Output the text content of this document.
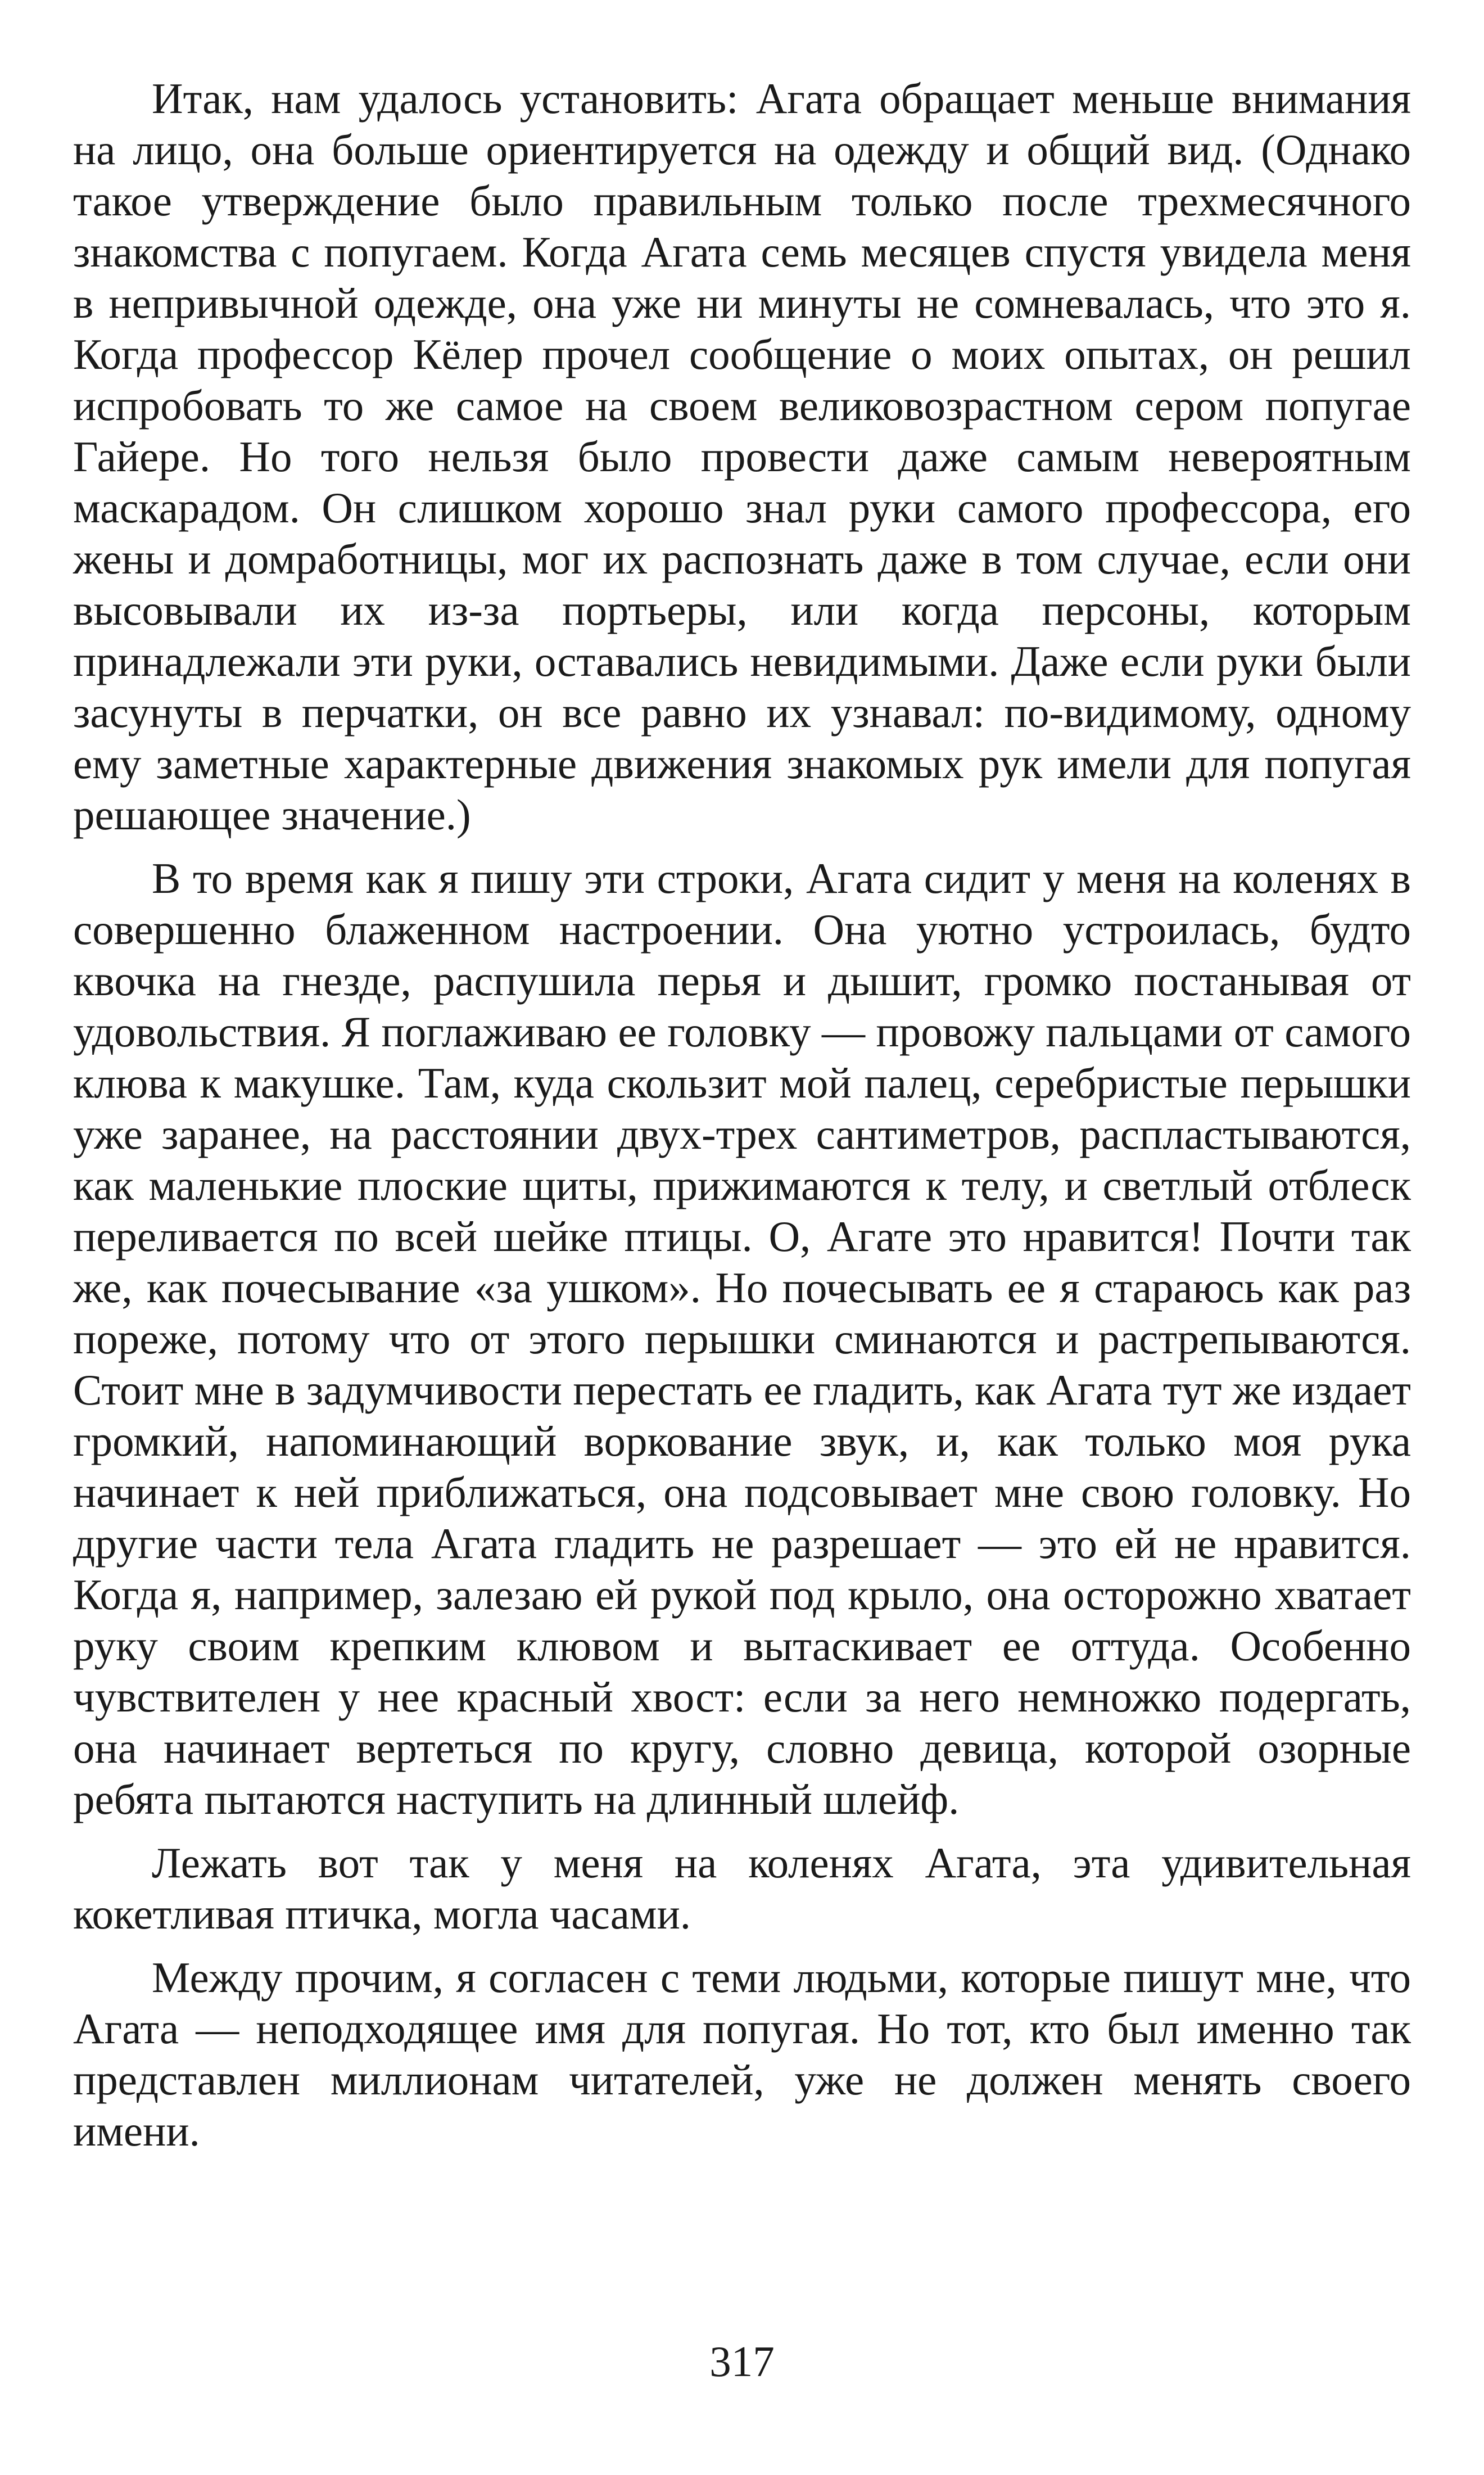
Итак, нам удалось установить: Агата обращает меньше внимания на лицо, она больше ориентируется на одежду и общий вид. (Однако такое утверждение было правильным только после трехмесячного знакомства с попугаем. Когда Агата семь месяцев спустя увидела меня в непривычной одежде, она уже ни минуты не сомневалась, что это я. Когда профессор Кёлер прочел сообщение о моих опытах, он решил испробовать то же самое на своем великовозрастном сером попугае Гайере. Но того нельзя было провести даже самым невероятным маскарадом. Он слишком хорошо знал руки самого профессора, его жены и домработницы, мог их распознать даже в том случае, если они высовывали их из-за портьеры, или когда персоны, которым принадлежали эти руки, оставались невидимыми. Даже если руки были засунуты в перчатки, он все равно их узнавал: по-видимому, одному ему заметные характерные движения знакомых рук имели для попугая решающее значение.)

В то время как я пишу эти строки, Агата сидит у меня на коленях в совершенно блаженном настроении. Она уютно устроилась, будто квочка на гнезде, распушила перья и дышит, громко постанывая от удовольствия. Я поглаживаю ее головку — провожу пальцами от самого клюва к макушке. Там, куда скользит мой палец, серебристые перышки уже заранее, на расстоянии двух-трех сантиметров, распластываются, как маленькие плоские щиты, прижимаются к телу, и светлый отблеск переливается по всей шейке птицы. О, Агате это нравится! Почти так же, как почесывание «за ушком». Но почесывать ее я стараюсь как раз пореже, потому что от этого перышки сминаются и растрепываются. Стоит мне в задумчивости перестать ее гладить, как Агата тут же издает громкий, напоминающий воркование звук, и, как только моя рука начинает к ней приближаться, она подсовывает мне свою головку. Но другие части тела Агата гладить не разрешает — это ей не нравится. Когда я, например, залезаю ей рукой под крыло, она осторожно хватает руку своим крепким клювом и вытаскивает ее оттуда. Особенно чувствителен у нее красный хвост: если за него немножко подергать, она начинает вертеться по кругу, словно девица, которой озорные ребята пытаются наступить на длинный шлейф.

Лежать вот так у меня на коленях Агата, эта удивительная кокетливая птичка, могла часами.

Между прочим, я согласен с теми людьми, которые пишут мне, что Агата — неподходящее имя для попугая. Но тот, кто был именно так представлен миллионам читателей, уже не должен менять своего имени.

317
